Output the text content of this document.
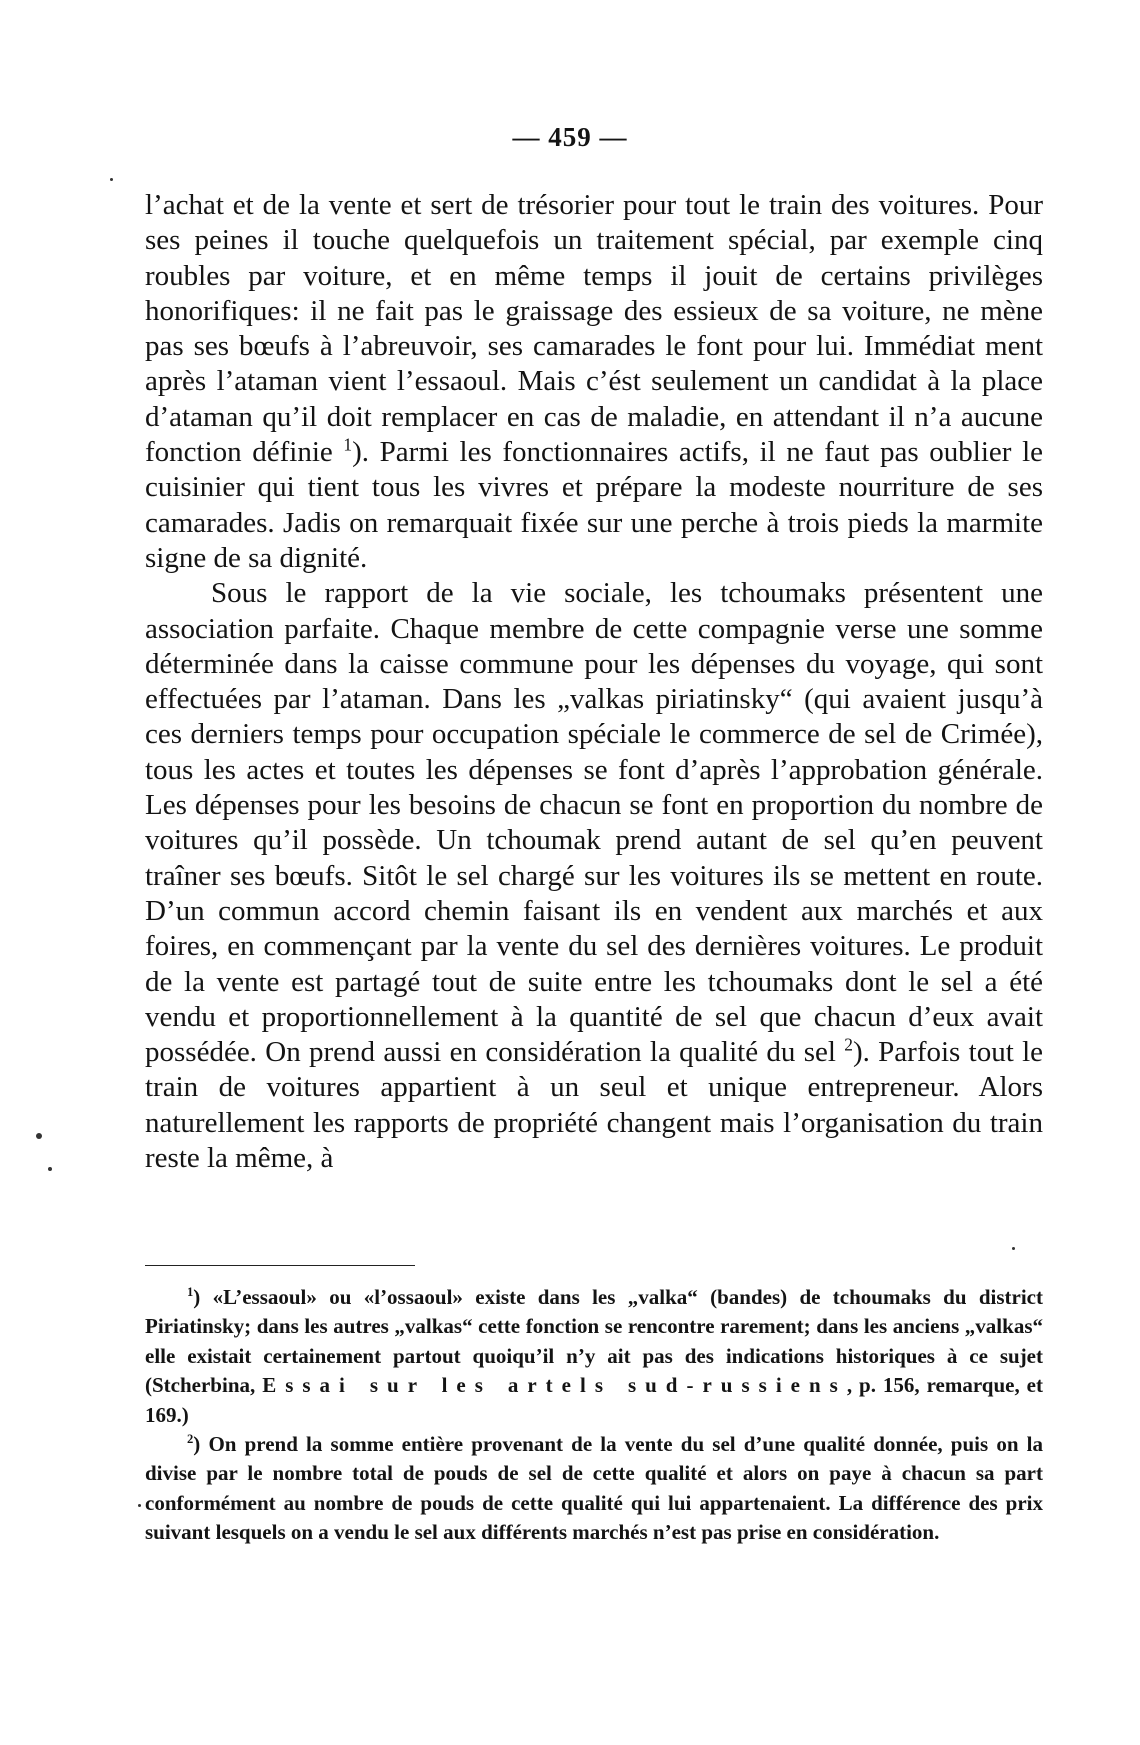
— 459 —

l’achat et de la vente et sert de trésorier pour tout le train des voitures. Pour ses peines il touche quelquefois un traitement spécial, par exemple cinq roubles par voiture, et en même temps il jouit de certains privilèges honorifiques: il ne fait pas le graissage des essieux de sa voiture, ne mène pas ses bœufs à l’abreuvoir, ses camarades le font pour lui. Immédiat ment après l’ataman vient l’essaoul. Mais c’ést seulement un candidat à la place d’ataman qu’il doit remplacer en cas de maladie, en attendant il n’a aucune fonction définie $^1$). Parmi les fonctionnaires actifs, il ne faut pas oublier le cuisinier qui tient tous les vivres et prépare la modeste nourriture de ses camarades. Jadis on remarquait fixée sur une perche à trois pieds la marmite signe de sa dignité.

Sous le rapport de la vie sociale, les tchoumaks présentent une association parfaite. Chaque membre de cette compagnie verse une somme déterminée dans la caisse commune pour les dépenses du voyage, qui sont effectuées par l’ataman. Dans les „valkas piriatinsky“ (qui avaient jusqu’à ces derniers temps pour occupation spéciale le commerce de sel de Crimée), tous les actes et toutes les dépenses se font d’après l’approbation générale. Les dépenses pour les besoins de chacun se font en proportion du nombre de voitures qu’il possède. Un tchoumak prend autant de sel qu’en peuvent traîner ses bœufs. Sitôt le sel chargé sur les voitures ils se mettent en route. D’un commun accord chemin faisant ils en vendent aux marchés et aux foires, en commençant par la vente du sel des dernières voitures. Le produit de la vente est partagé tout de suite entre les tchoumaks dont le sel a été vendu et proportionnellement à la quantité de sel que chacun d’eux avait possédée. On prend aussi en considération la qualité du sel $^2$). Parfois tout le train de voitures appartient à un seul et unique entrepreneur. Alors naturellement les rapports de propriété changent mais l’organisation du train reste la même, à

$^1$) «L’essaoul» ou «l’ossaoul» existe dans les „valka“ (bandes) de tchoumaks du district Piriatinsky; dans les autres „valkas“ cette fonction se rencontre rarement; dans les anciens „valkas“ elle existait certainement partout quoiqu’il n’y ait pas des indications historiques à ce sujet (Stcherbina, Essai sur les artels sud-russiens, p. 156, remarque, et 169.)

$^2$) On prend la somme entière provenant de la vente du sel d’une qualité donnée, puis on la divise par le nombre total de pouds de sel de cette qualité et alors on paye à chacun sa part conformément au nombre de pouds de cette qualité qui lui appartenaient. La différence des prix suivant lesquels on a vendu le sel aux différents marchés n’est pas prise en considération.
